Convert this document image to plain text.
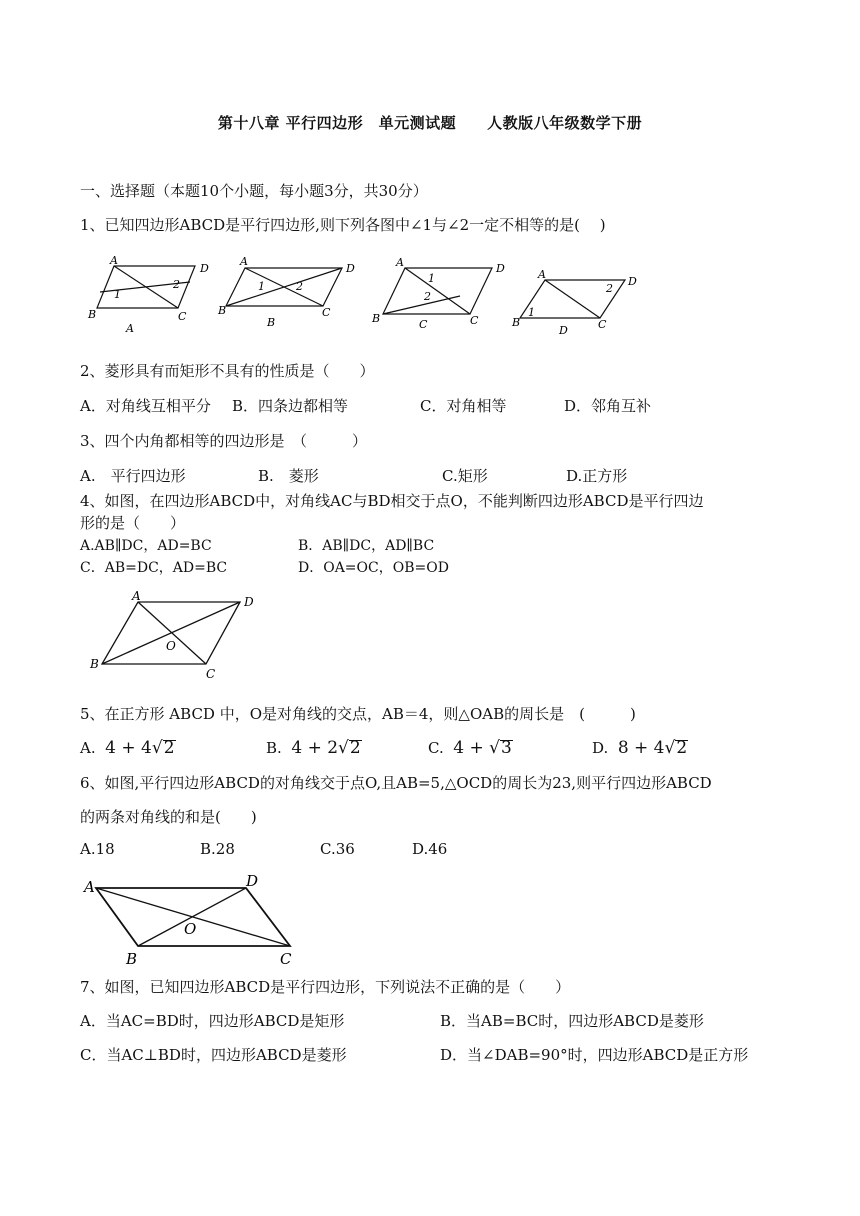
第十八章 平行四边形　单元测试题　　人教版八年级数学下册
一、选择题（本题10个小题，每小题3分，共30分）
1、已知四边形ABCD是平行四边形,则下列各图中∠1与∠2一定不相等的是(　 )
A
D
B	C
1
2
A
A
D
B	C
1	2
B
A	D
B	C
1
2
C
A
D
B	C
1
2
D
2、菱形具有而矩形不具有的性质是（　　）
A．对角线互相平分 B．四条边都相等	C．对角相等	D．邻角互补
3、四个内角都相等的四边形是　（　　　）
A.　平行四边形	B.　菱形	C.矩形	D.正方形
4、如图，在四边形ABCD中，对角线AC与BD相交于点O，不能判断四边形ABCD是平行四边
形的是（　　）
A.AB∥DC，AD=BC	B．AB∥DC，AD∥BC
C．AB=DC，AD=BC	D．OA=OC，OB=OD
A	D
B
C
O
5、在正方形 ABCD 中，O是对角线的交点，AB＝4，则△OAB的周长是　(　　　)
A. 4 + 4√2	B. 4 + 2√2	C. 4 + √3	D. 8 + 4√2
6、如图,平行四边形ABCD的对角线交于点O,且AB=5,△OCD的周长为23,则平行四边形ABCD
的两条对角线的和是(　　)
A.18	B.28	C.36	D.46
A	D
B	C
O
7、如图，已知四边形ABCD是平行四边形，下列说法不正确的是（　　）
A．当AC=BD时，四边形ABCD是矩形	B．当AB=BC时，四边形ABCD是菱形
C．当AC⊥BD时，四边形ABCD是菱形	D．当∠DAB=90°时，四边形ABCD是正方形
